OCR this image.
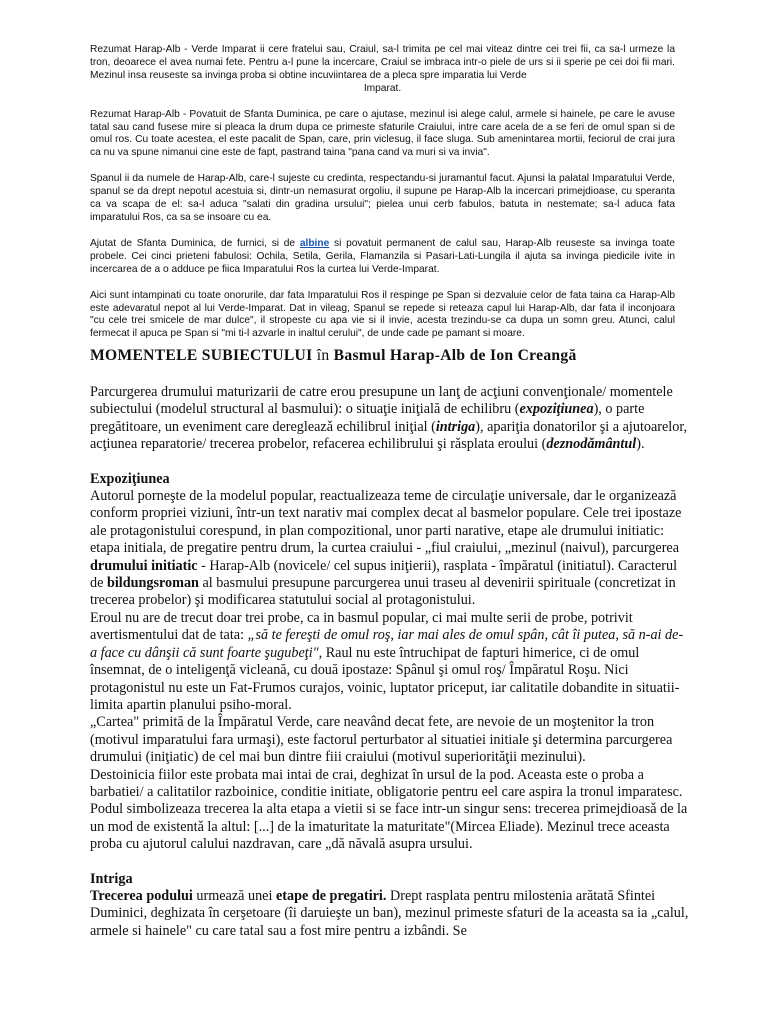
Rezumat Harap-Alb - Verde Imparat ii cere fratelui sau, Craiul, sa-l trimita pe cel mai viteaz dintre cei trei fii, ca sa-l urmeze la tron, deoarece el avea numai fete. Pentru a-l pune la incercare, Craiul se imbraca intr-o piele de urs si ii sperie pe cei doi fii mari. Mezinul insa reuseste sa invinga proba si obtine incuviintarea de a pleca spre imparatia lui Verde

Imparat.

Rezumat Harap-Alb - Povatuit de Sfanta Duminica, pe care o ajutase, mezinul isi alege calul, armele si hainele, pe care le avuse tatal sau cand fusese mire si pleaca la drum dupa ce primeste sfaturile Craiului, intre care acela de a se feri de omul span si de omul ros. Cu toate acestea, el este pacalit de Span, care, prin viclesug, il face sluga. Sub amenintarea mortii, feciorul de crai jura ca nu va spune nimanui cine este de fapt, pastrand taina "pana cand va muri si va invia".

Spanul ii da numele de Harap-Alb, care-l sujeste cu credinta, respectandu-si juramantul facut. Ajunsi la palatal Imparatului Verde, spanul se da drept nepotul acestuia si, dintr-un nemasurat orgoliu, il supune pe Harap-Alb la incercari primejdioase, cu speranta ca va scapa de el: sa-l aduca "salati din gradina ursului"; pielea unui cerb fabulos, batuta in nestemate; sa-l aduca fata imparatului Ros, ca sa se insoare cu ea.

Ajutat de Sfanta Duminica, de furnici, si de albine si povatuit permanent de calul sau, Harap-Alb reuseste sa invinga toate probele. Cei cinci prieteni fabulosi: Ochila, Setila, Gerila, Flamanzila si Pasari-Lati-Lungila il ajuta sa invinga piedicile ivite in incercarea de a o adduce pe fiica Imparatului Ros la curtea lui Verde-Imparat.

Aici sunt intampinati cu toate onorurile, dar fata Imparatului Ros il respinge pe Span si dezvaluie celor de fata taina ca Harap-Alb este adevaratul nepot al lui Verde-Imparat. Dat in vileag, Spanul se repede si reteaza capul lui Harap-Alb, dar fata il inconjoara "cu cele trei smicele de mar dulce", il stropeste cu apa vie si il invie, acesta trezindu-se ca dupa un somn greu. Atunci, calul fermecat il apuca pe Span si "mi ti-l azvarle in inaltul cerului", de unde cade pe pamant si moare.

MOMENTELE SUBIECTULUI în Basmul Harap-Alb de Ion Creangă

Parcurgerea drumului maturizarii de catre erou presupune un lanţ de acţiuni convenţionale/ momentele subiectului (modelul structural al basmului): o situaţie iniţială de echilibru (expoziţiunea), o parte pregătitoare, un eveniment care deregleazǎ echilibrul iniţial (intriga), apariţia donatorilor şi a ajutoarelor, acţiunea reparatorie/ trecerea probelor, refacerea echilibrului şi rǎsplata eroului (deznodǎmântul).

Expoziţiunea

Autorul porneşte de la modelul popular, reactualizeaza teme de circulaţie universale, dar le organizează conform propriei viziuni, într-un text narativ mai complex decat al basmelor populare. Cele trei ipostaze ale protagonistului corespund, in plan compozitional, unor parti narative, etape ale drumului initiatic: etapa initiala, de pregatire pentru drum, la curtea craiului - „fiul craiului, „mezinul (naivul), parcurgerea drumului initiatic - Harap-Alb (novicele/ cel supus iniţierii), rasplata - împăratul (initiatul). Caracterul de bildungsroman al basmului presupune parcurgerea unui traseu al devenirii spirituale (concretizat in trecerea probelor) şi modificarea statutului social al protagonistului.

Eroul nu are de trecut doar trei probe, ca in basmul popular, ci mai multe serii de probe, potrivit avertismentului dat de tata: „să te fereşti de omul roş, iar mai ales de omul spân, cât îi putea, să n-ai de-a face cu dânşii că sunt foarte şugubeţi", Raul nu este întruchipat de fapturi himerice, ci de omul însemnat, de o inteligenţă vicleană, cu două ipostaze: Spânul şi omul roş/ Împăratul Roşu. Nici protagonistul nu este un Fat-Frumos curajos, voinic, luptator priceput, iar calitatile dobandite in situatii-limita apartin planului psiho-moral.

„Cartea" primită de la Împăratul Verde, care neavând decat fete, are nevoie de un moştenitor la tron (motivul imparatului fara urmaşi), este factorul perturbator al situatiei initiale şi determina parcurgerea drumului (iniţiatic) de cel mai bun dintre fiii craiului (motivul superiorităţii mezinului).

Destoinicia fiilor este probata mai intai de crai, deghizat în ursul de la pod. Aceasta este o proba a barbatiei/ a calitatilor razboinice, conditie initiate, obligatorie pentru eel care aspira la tronul imparatesc. Podul simbolizeaza trecerea la alta etapa a vietii si se face intr-un singur sens: trecerea primejdioasǎ de la un mod de existentǎ la altul: [...] de la imaturitate la maturitate"(Mircea Eliade). Mezinul trece aceasta proba cu ajutorul calului nazdravan, care „dă năvală asupra ursului.

Intriga

Trecerea podului urmează unei etape de pregatiri. Drept rasplata pentru milostenia arătată Sfintei Duminici, deghizata în cerşetoare (îi daruieşte un ban), mezinul primeste sfaturi de la aceasta sa ia „calul, armele si hainele" cu care tatal sau a fost mire pentru a izbândi. Se
